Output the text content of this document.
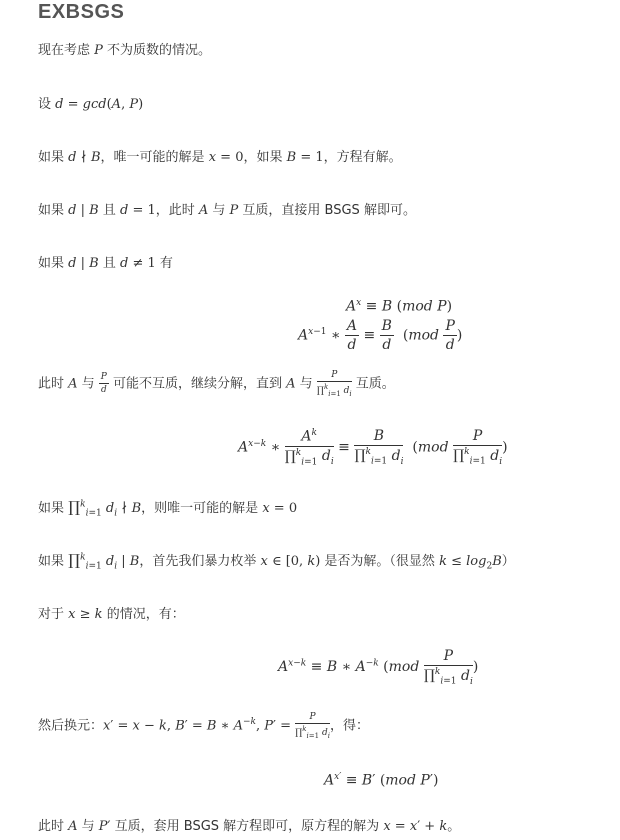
EXBSGS
现在考虑 P 不为质数的情况。
设 d = gcd(A, P)
如果 d ∤ B，唯一可能的解是 x = 0，如果 B = 1，方程有解。
如果 d | B 且 d = 1，此时 A 与 P 互质，直接用 BSGS 解即可。
如果 d | B 且 d ≠ 1 有
$A^x \equiv B$ (mod P)
$A^{x-1}$ ∗ $\frac{A}{d} \equiv \frac{B}{d} (mod \frac{P}{d}$ )
此时 A 与 $\frac{P}{d}$ 可能不互质，继续分解，直到 A 与 $\frac{P}{\prod^k_{i=1} d_i}$ 互质。
$A^{x-k}$ ∗ $\frac{A^k}{\prod^k_{i=1} d_i} \equiv \frac{B}{\prod^k_{i=1} d_i} (mod \frac{P}{\prod^k_{i=1} d_i}$ )
如果 ∏$^k_{i=1}$ $d_i$ ∤ B，则唯一可能的解是 x = 0
如果 ∏$^k_{i=1}$ $d_i$ | B，首先我们暴力枚举 x ∈ [0, k) 是否为解。（很显然 $k \le \log_2B$）
对于 x ≥ k 的情况，有：
$A^{x-k} \equiv B$ ∗ $A^{-k}$ ($mod \frac{P}{\prod^k_{i=1} d_i}$ )
然后换元：x′ = x − k, B′ = B ∗ $A^{-k}$, $P' = \frac{P}{\prod^k_{i=1} d_i}$ ，得：
$A^{x'} \equiv B'$ (mod P′)
此时 A 与 P′ 互质，套用 BSGS 解方程即可，原方程的解为 x = x′ + k。
